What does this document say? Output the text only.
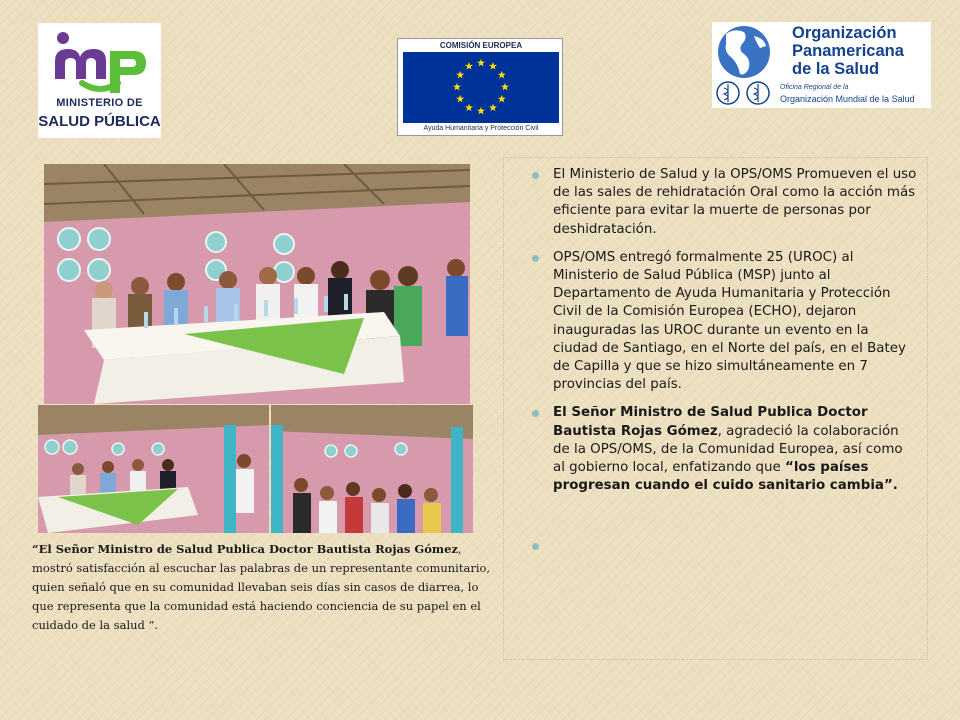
MINISTERIO DE
SALUD PÚBLICA
COMISIÓN EUROPEA
Ayuda Humanitaria y Protección Civil
Organización
Panamericana
de la Salud
Oficina Regional de la
Organización Mundial de la Salud
“El Señor Ministro de Salud Publica Doctor Bautista Rojas Gómez, mostró satisfacción al escuchar las palabras de un representante comunitario, quien señaló que en su comunidad llevaban seis días sin casos de diarrea, lo que representa que la comunidad está haciendo conciencia de su papel en el cuidado de la salud ”.
El Ministerio de Salud y la OPS/OMS Promueven el uso de las sales de rehidratación Oral como la acción más eficiente para evitar la muerte de personas por deshidratación.
OPS/OMS entregó formalmente 25 (UROC) al Ministerio de Salud Pública (MSP) junto al Departamento de Ayuda Humanitaria y Protección Civil de la Comisión Europea (ECHO), dejaron inauguradas las UROC durante un evento en la ciudad de Santiago, en el Norte del país, en el Batey de Capilla y que se hizo simultáneamente en 7 provincias del país.
El Señor Ministro de Salud Publica Doctor Bautista Rojas Gómez, agradeció la colaboración de la OPS/OMS, de la Comunidad Europea, así como al gobierno local, enfatizando que “los países progresan cuando el cuido sanitario cambia”.
